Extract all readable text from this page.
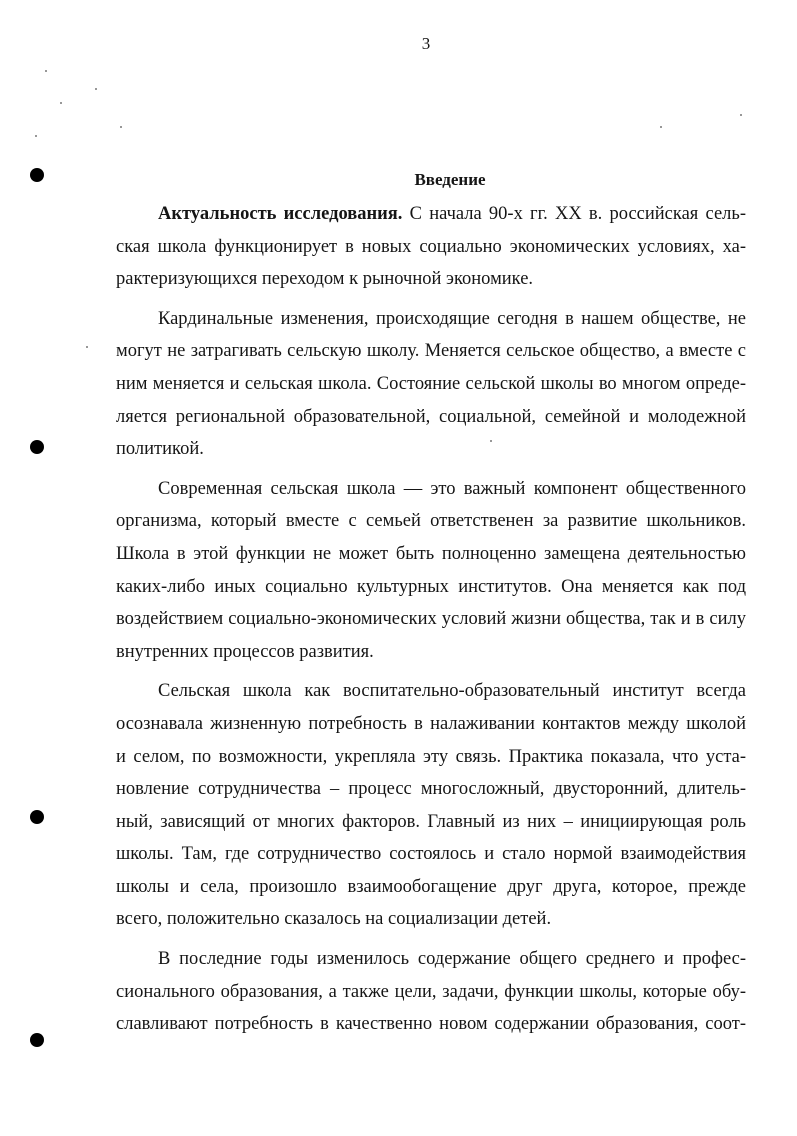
3
Введение
Актуальность исследования. С начала 90-х гг. XX в. российская сель-
ская школа функционирует в новых социально экономических условиях, ха-
рактеризующихся переходом к рыночной экономике.
Кардинальные изменения, происходящие сегодня в нашем обществе, не
могут не затрагивать сельскую школу. Меняется сельское общество, а вместе с
ним меняется и сельская школа. Состояние сельской школы во многом опреде-
ляется региональной образовательной, социальной, семейной и молодежной
политикой.
Современная сельская школа — это важный компонент общественного
организма, который вместе с семьей ответственен за развитие школьников.
Школа в этой функции не может быть полноценно замещена деятельностью
каких-либо иных социально культурных институтов. Она меняется как под
воздействием социально-экономических условий жизни общества, так и в силу
внутренних процессов развития.
Сельская школа как воспитательно-образовательный институт всегда
осознавала жизненную потребность в налаживании контактов между школой
и селом, по возможности, укрепляла эту связь. Практика показала, что уста-
новление сотрудничества – процесс многосложный, двусторонний, длитель-
ный, зависящий от многих факторов. Главный из них – инициирующая роль
школы. Там, где сотрудничество состоялось и стало нормой взаимодействия
школы и села, произошло взаимообогащение друг друга, которое, прежде
всего, положительно сказалось на социализации детей.
В последние годы изменилось содержание общего среднего и профес-
сионального образования, а также цели, задачи, функции школы, которые обу-
славливают потребность в качественно новом содержании образования, соот-
